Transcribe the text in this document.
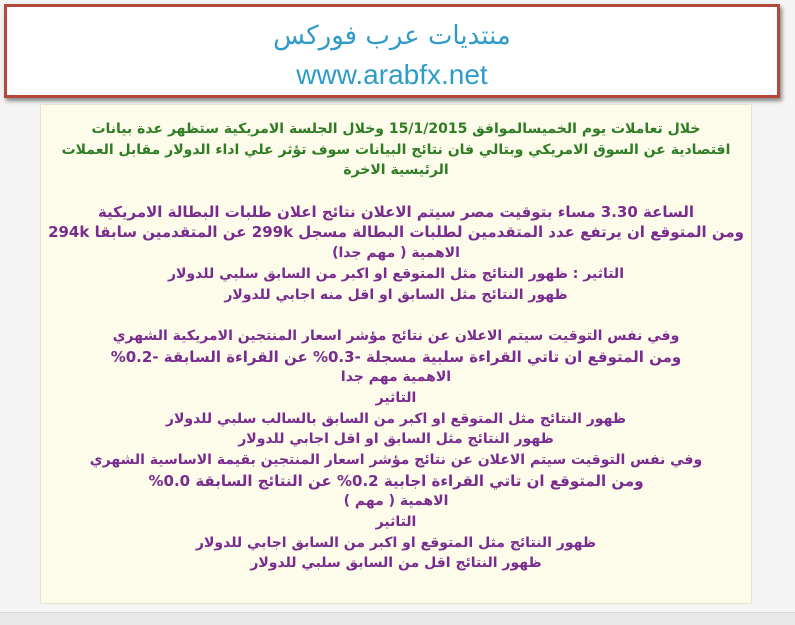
منتديات عرب فوركس
www.arabfx.net
خلال تعاملات يوم الخميسالموافق 15/1/2015 وخلال الجلسة الامريكية ستظهر عدة بيانات
اقتصادية عن السوق الامريكي وبتالي فان نتائج البيانات سوف تؤثر علي اداء الدولار مقابل العملات
الرئيسية الاخرة
الساعة 3.30 مساء بتوقيت مصر سيتم الاعلان نتائج اعلان طلبات البطالة الامريكية
ومن المتوقع ان يرتفع عدد المتقدمين لطلبات البطالة مسجل 299k عن المتقدمين سابقا 294k
الاهمية ( مهم جدا)
التاثير : ظهور النتائج مثل المتوقع او اكبر من السابق سلبي للدولار
ظهور النتائج مثل السابق او اقل منه اجابي للدولار
وفي نفس التوقيت سيتم الاعلان عن نتائج مؤشر اسعار المنتجين الامريكية الشهري
ومن المتوقع ان تاتي القراءة سلبية مسجلة -0.3% عن القراءة السابقة -0.2%
الاهمية مهم جدا
التاثير
ظهور النتائج مثل المتوقع او اكبر من السابق بالسالب سلبي للدولار
ظهور النتائج مثل السابق او اقل اجابي للدولار
وفي نفس التوقيت سيتم الاعلان عن نتائج مؤشر اسعار المنتجين بقيمة الاساسية الشهري
ومن المتوقع ان تاتي القراءة اجابية 0.2% عن النتائج السابقة 0.0%
الاهمية ( مهم )
التاثير
ظهور النتائج مثل المتوقع او اكبر من السابق اجابي للدولار
ظهور النتائج اقل من السابق سلبي للدولار
